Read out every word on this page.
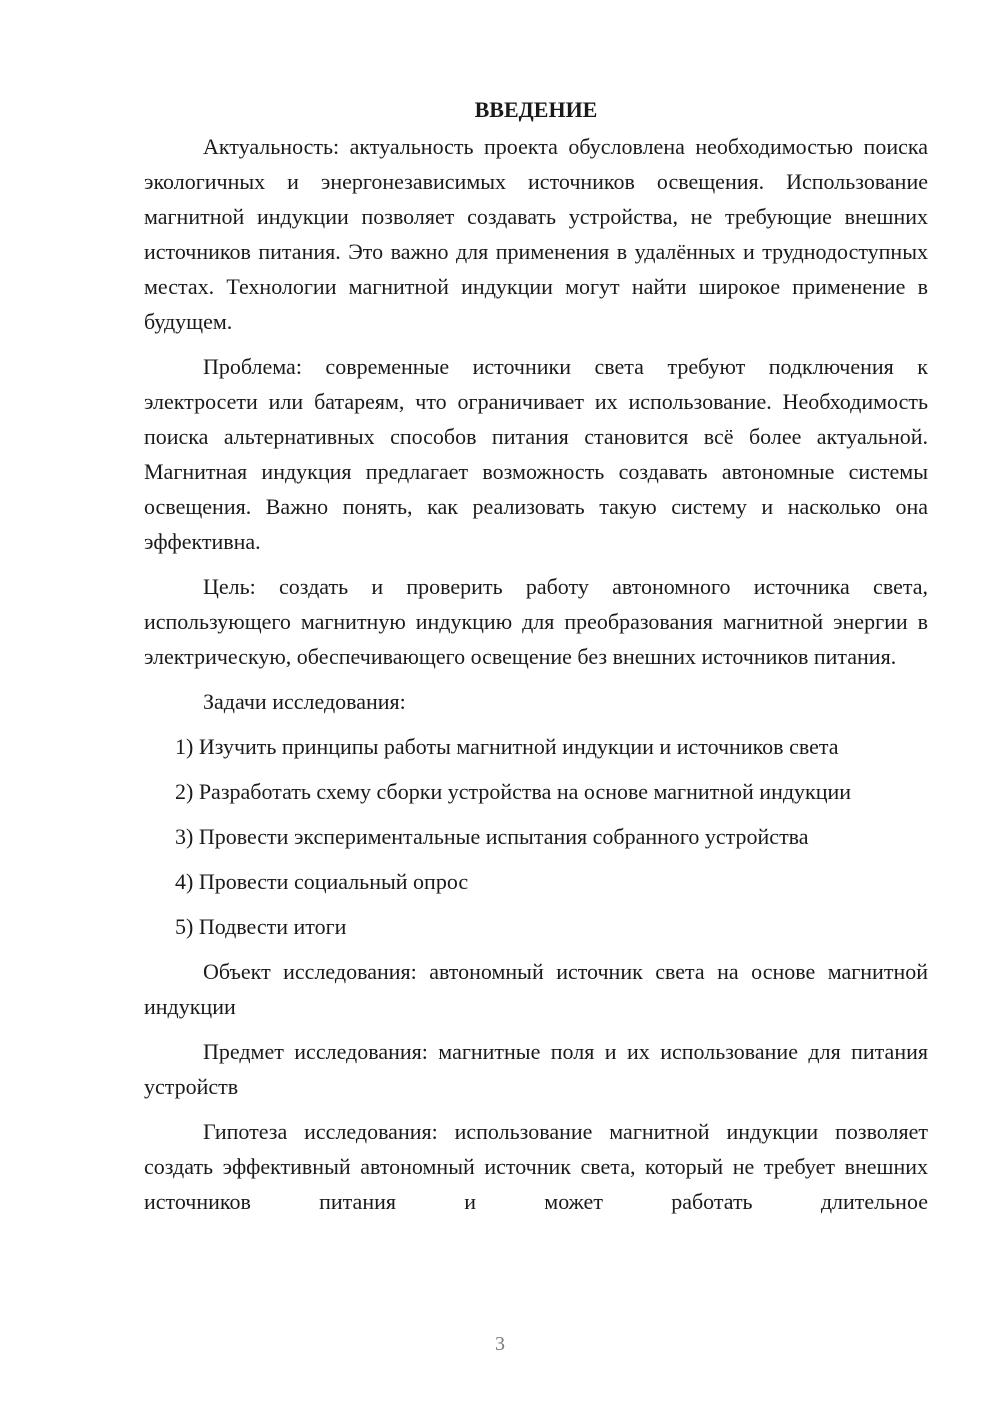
ВВЕДЕНИЕ

Актуальность: актуальность проекта обусловлена необходимостью поиска экологичных и энергонезависимых источников освещения. Использование магнитной индукции позволяет создавать устройства, не требующие внешних источников питания. Это важно для применения в удалённых и труднодоступных местах. Технологии магнитной индукции могут найти широкое применение в будущем.

Проблема: современные источники света требуют подключения к электросети или батареям, что ограничивает их использование. Необходимость поиска альтернативных способов питания становится всё более актуальной. Магнитная индукция предлагает возможность создавать автономные системы освещения. Важно понять, как реализовать такую систему и насколько она эффективна.

Цель: создать и проверить работу автономного источника света, использующего магнитную индукцию для преобразования магнитной энергии в электрическую, обеспечивающего освещение без внешних источников питания.

Задачи исследования:

1) Изучить принципы работы магнитной индукции и источников света

2) Разработать схему сборки устройства на основе магнитной индукции

3) Провести экспериментальные испытания собранного устройства

4) Провести социальный опрос

5) Подвести итоги

Объект исследования: автономный источник света на основе магнитной индукции

Предмет исследования: магнитные поля и их использование для питания устройств

Гипотеза исследования: использование магнитной индукции позволяет создать эффективный автономный источник света, который не требует внешних источников питания и может работать длительное

3
